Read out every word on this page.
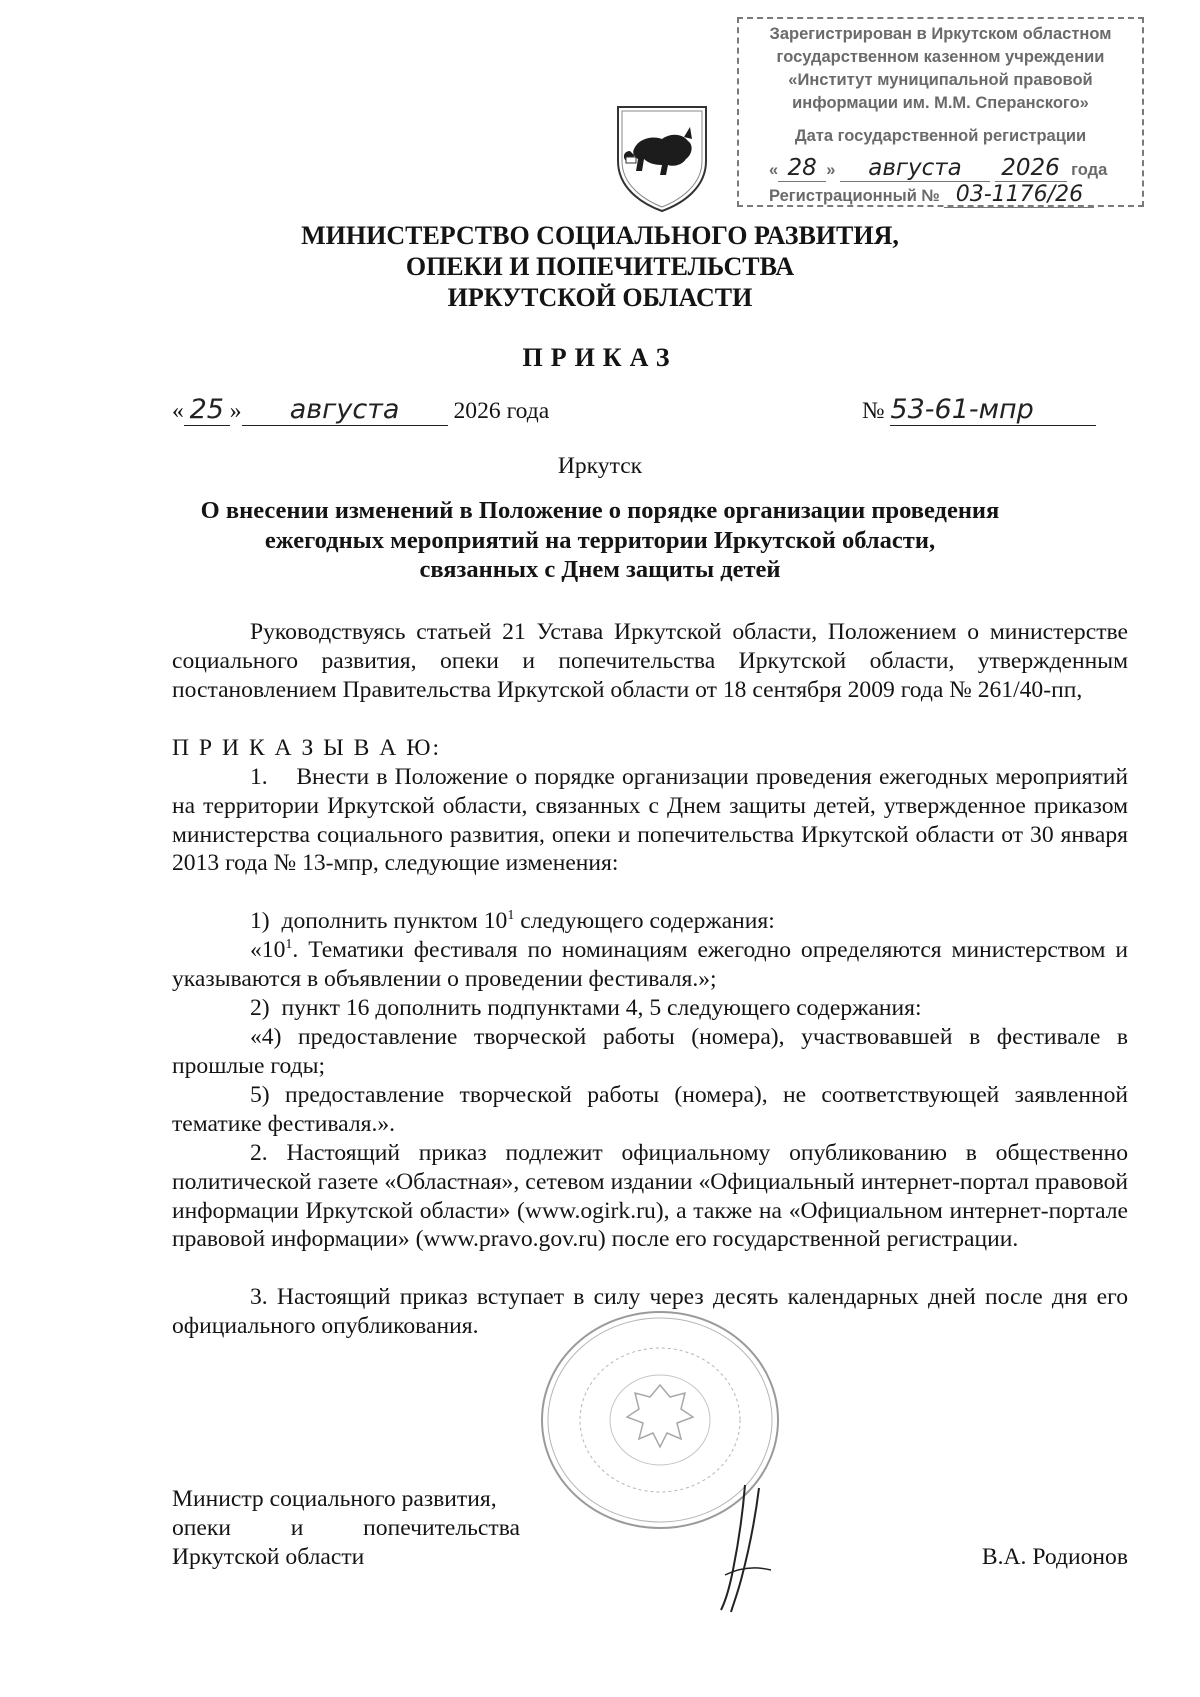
Зарегистрирован в Иркутском областном
государственном казенном учреждении
«Институт муниципальной правовой
информации им. М.М. Сперанского»
Дата государственной регистрации
« 28 » августа 2026 года
Регистрационный № 03-1176/26
МИНИСТЕРСТВО СОЦИАЛЬНОГО РАЗВИТИЯ,
ОПЕКИ И ПОПЕЧИТЕЛЬСТВА
ИРКУТСКОЙ ОБЛАСТИ
ПРИКАЗ
« 25 » августа 2026 года	№ 53-61-мпр
Иркутск
О внесении изменений в Положение о порядке организации проведения
ежегодных мероприятий на территории Иркутской области,
связанных с Днем защиты детей
Руководствуясь статьей 21 Устава Иркутской области, Положением о министерстве социального развития, опеки и попечительства Иркутской области, утвержденным постановлением Правительства Иркутской области от 18 сентября 2009 года № 261/40-пп,
П Р И К А З Ы В А Ю:
1.    Внести в Положение о порядке организации проведения ежегодных мероприятий на территории Иркутской области, связанных с Днем защиты детей, утвержденное приказом министерства социального развития, опеки и попечительства Иркутской области от 30 января 2013 года № 13-мпр, следующие изменения:
1)  дополнить пунктом $10^1$ следующего содержания:
«$10^1$. Тематики фестиваля по номинациям ежегодно определяются министерством и указываются в объявлении о проведении фестиваля.»;
2)  пункт 16 дополнить подпунктами 4, 5 следующего содержания:
«4) предоставление творческой работы (номера), участвовавшей в фестивале в прошлые годы;
5) предоставление творческой работы (номера), не соответствующей заявленной тематике фестиваля.».
2. Настоящий приказ подлежит официальному опубликованию в общественно политической газете «Областная», сетевом издании «Официальный интернет-портал правовой информации Иркутской области» (www.ogirk.ru), а также на «Официальном интернет-портале правовой информации» (www.pravo.gov.ru) после его государственной регистрации.
3. Настоящий приказ вступает в силу через десять календарных дней после дня его официального опубликования.
Министр социального развития,
опеки и попечительства
Иркутской области	В.А. Родионов
